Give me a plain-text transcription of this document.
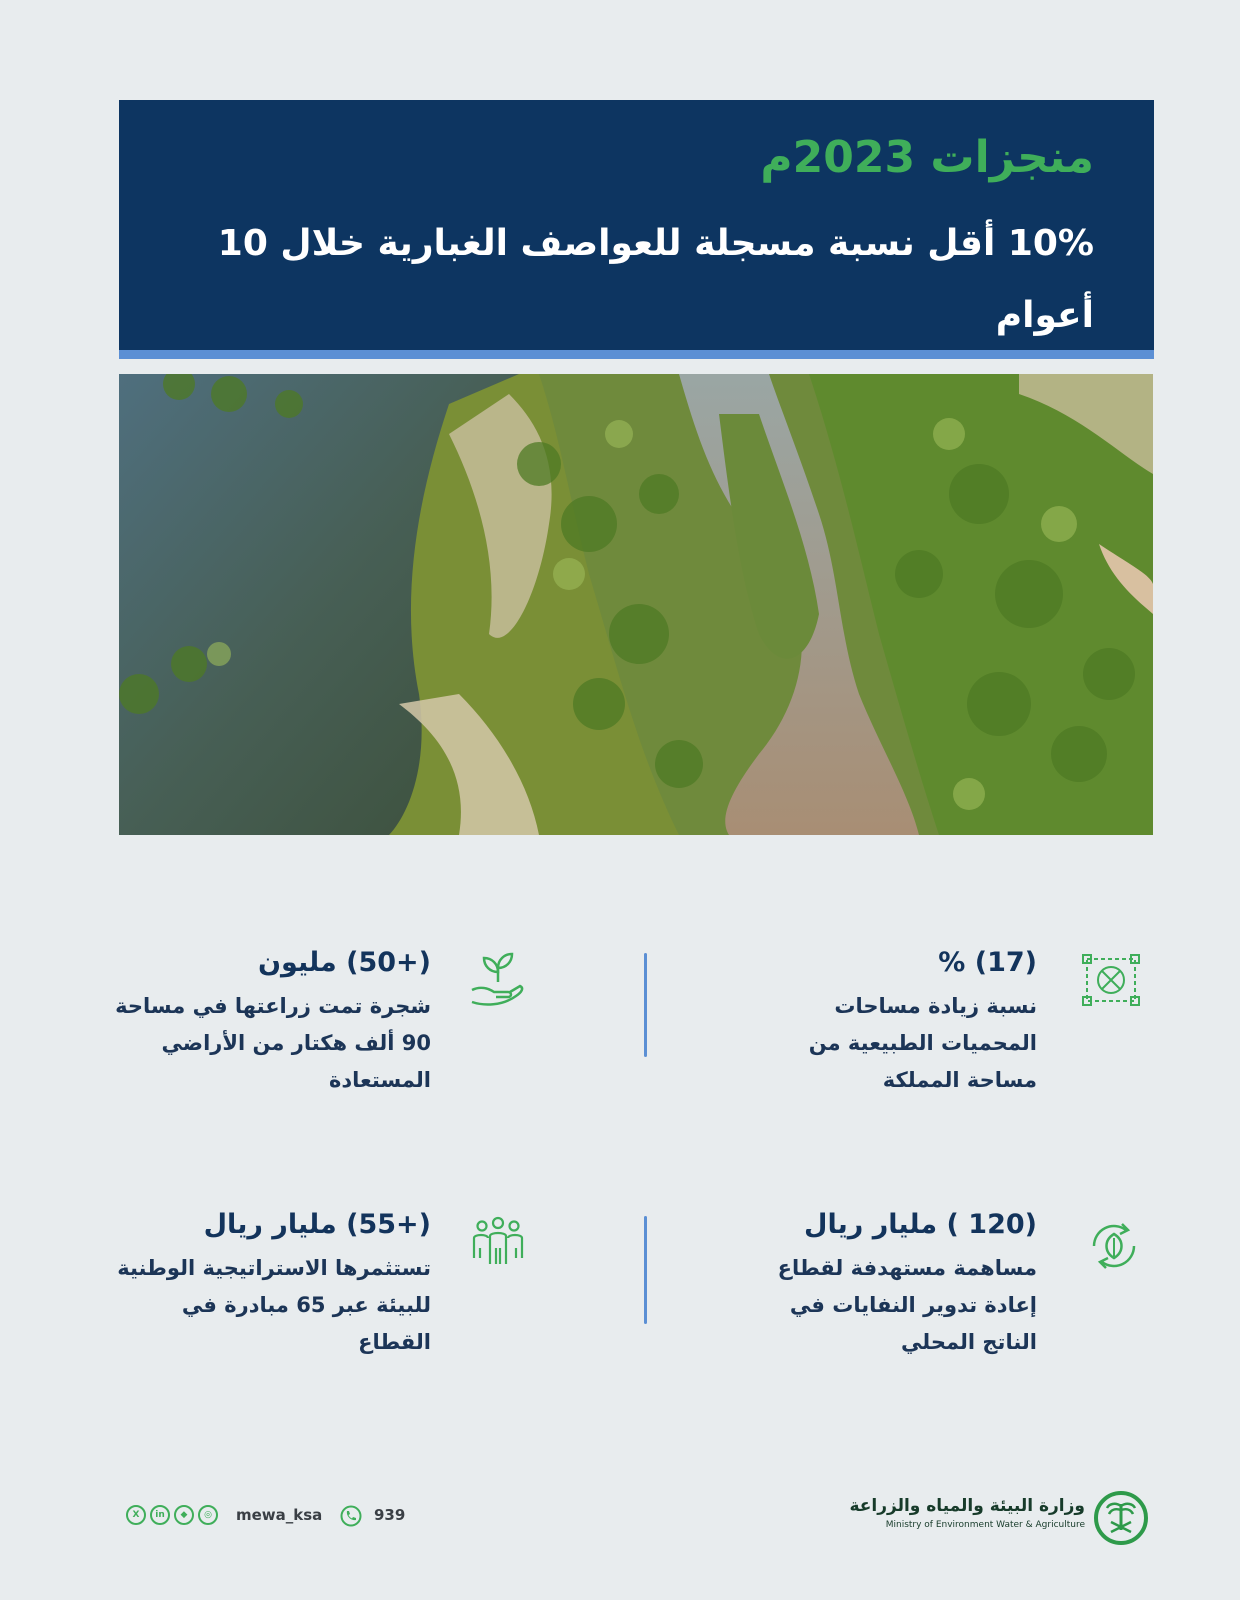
منجزات 2023م

10% أقل نسبة مسجلة للعواصف الغبارية خلال 10 أعوام

(17) %

نسبة زيادة مساحات المحميات الطبيعية من مساحة المملكة

(+50) مليون

شجرة تمت زراعتها في مساحة 90 ألف هكتار من الأراضي المستعادة

(120 ) مليار ريال

مساهمة مستهدفة لقطاع إعادة تدوير النفايات في الناتج المحلي

(+55) مليار ريال

تستثمرها الاستراتيجية الوطنية للبيئة عبر 65 مبادرة في القطاع

وزارة البيئة والمياه والزراعة

Ministry of Environment Water & Agriculture

X	in	◆	◎	mewa_ksa	939
